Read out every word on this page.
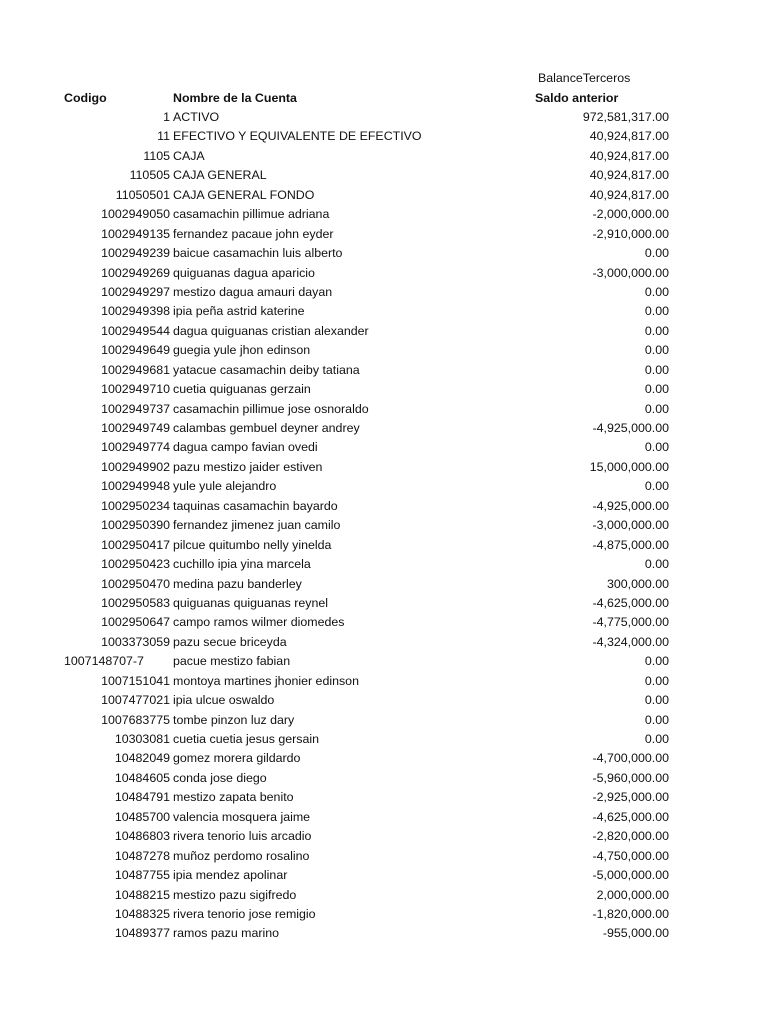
BalanceTerceros
Codigo	Nombre de la Cuenta	Saldo anterior
1 ACTIVO	972,581,317.00
11 EFECTIVO Y EQUIVALENTE DE EFECTIVO	40,924,817.00
1105 CAJA	40,924,817.00
110505 CAJA GENERAL	40,924,817.00
11050501 CAJA GENERAL FONDO	40,924,817.00
1002949050 casamachin pillimue adriana	-2,000,000.00
1002949135 fernandez pacaue john eyder	-2,910,000.00
1002949239 baicue casamachin luis alberto	0.00
1002949269 quiguanas dagua aparicio	-3,000,000.00
1002949297 mestizo dagua amauri dayan	0.00
1002949398 ipia peña astrid katerine	0.00
1002949544 dagua quiguanas cristian alexander	0.00
1002949649 guegia yule jhon edinson	0.00
1002949681 yatacue casamachin deiby tatiana	0.00
1002949710 cuetia quiguanas gerzain	0.00
1002949737 casamachin pillimue jose osnoraldo	0.00
1002949749 calambas gembuel deyner andrey	-4,925,000.00
1002949774 dagua campo favian ovedi	0.00
1002949902 pazu mestizo jaider estiven	15,000,000.00
1002949948 yule yule alejandro	0.00
1002950234 taquinas casamachin bayardo	-4,925,000.00
1002950390 fernandez jimenez juan camilo	-3,000,000.00
1002950417 pilcue quitumbo nelly yinelda	-4,875,000.00
1002950423 cuchillo ipia yina marcela	0.00
1002950470 medina pazu banderley	300,000.00
1002950583 quiguanas quiguanas reynel	-4,625,000.00
1002950647 campo ramos wilmer diomedes	-4,775,000.00
1003373059 pazu secue briceyda	-4,324,000.00
1007148707-7 pacue mestizo fabian	0.00
1007151041 montoya martines jhonier edinson	0.00
1007477021 ipia ulcue oswaldo	0.00
1007683775 tombe pinzon luz dary	0.00
10303081 cuetia cuetia jesus gersain	0.00
10482049 gomez morera gildardo	-4,700,000.00
10484605 conda jose diego	-5,960,000.00
10484791 mestizo zapata benito	-2,925,000.00
10485700 valencia mosquera jaime	-4,625,000.00
10486803 rivera tenorio luis arcadio	-2,820,000.00
10487278 muñoz perdomo rosalino	-4,750,000.00
10487755 ipia mendez apolinar	-5,000,000.00
10488215 mestizo pazu sigifredo	2,000,000.00
10488325 rivera tenorio jose remigio	-1,820,000.00
10489377 ramos pazu marino	-955,000.00
